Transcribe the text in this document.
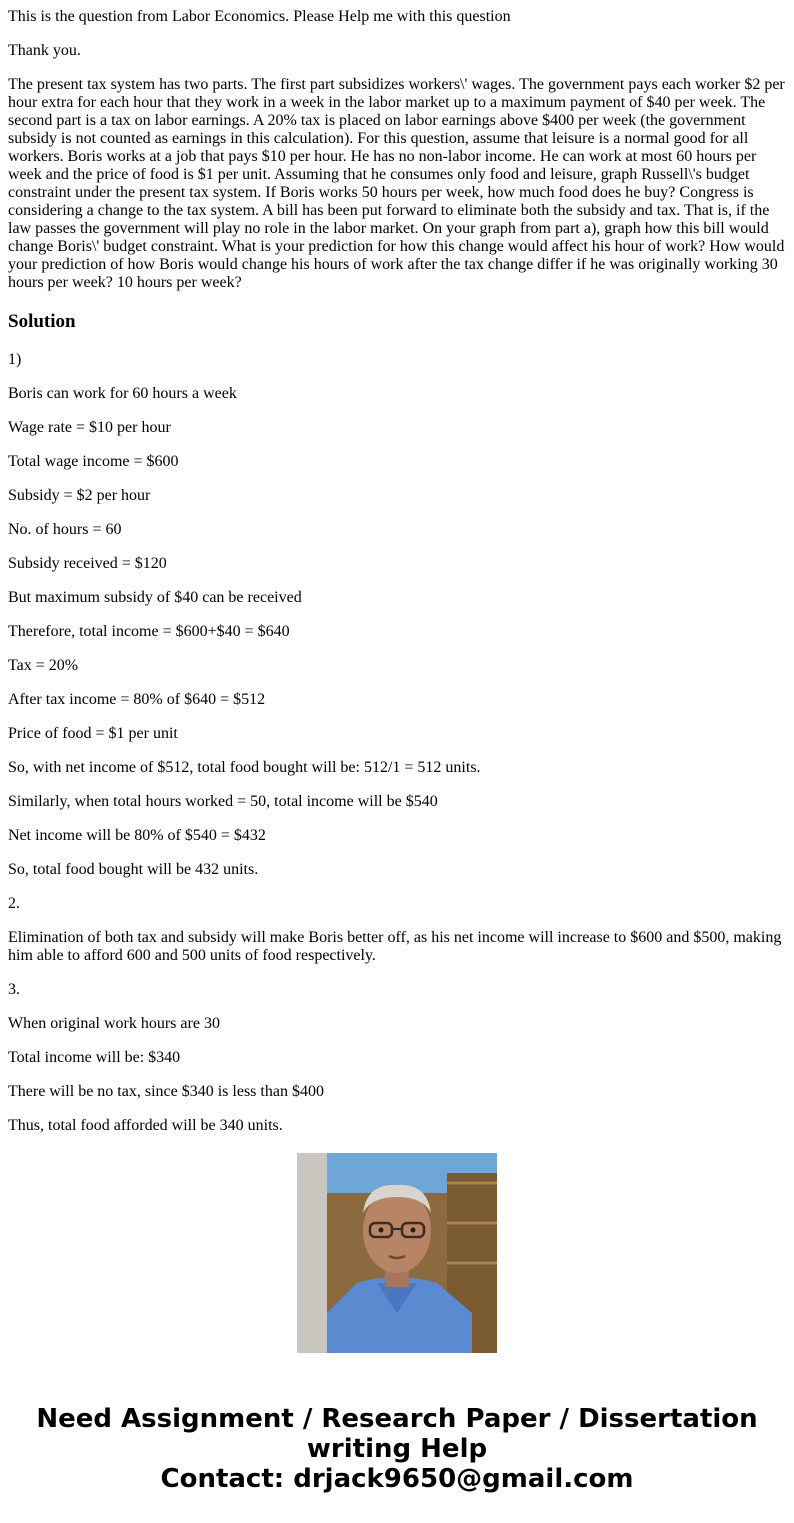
This is the question from Labor Economics. Please Help me with this question

Thank you.

The present tax system has two parts. The first part subsidizes workers\' wages. The government pays each worker $2 per hour extra for each hour that they work in a week in the labor market up to a maximum payment of $40 per week. The second part is a tax on labor earnings. A 20% tax is placed on labor earnings above $400 per week (the government subsidy is not counted as earnings in this calculation). For this question, assume that leisure is a normal good for all workers. Boris works at a job that pays $10 per hour. He has no non-labor income. He can work at most 60 hours per week and the price of food is $1 per unit. Assuming that he consumes only food and leisure, graph Russell\'s budget constraint under the present tax system. If Boris works 50 hours per week, how much food does he buy? Congress is considering a change to the tax system. A bill has been put forward to eliminate both the subsidy and tax. That is, if the law passes the government will play no role in the labor market. On your graph from part a), graph how this bill would change Boris\' budget constraint. What is your prediction for how this change would affect his hour of work? How would your prediction of how Boris would change his hours of work after the tax change differ if he was originally working 30 hours per week? 10 hours per week?

Solution

1)

Boris can work for 60 hours a week

Wage rate = $10 per hour

Total wage income = $600

Subsidy = $2 per hour

No. of hours = 60

Subsidy received = $120

But maximum subsidy of $40 can be received

Therefore, total income = $600+$40 = $640

Tax = 20%

After tax income = 80% of $640 = $512

Price of food = $1 per unit

So, with net income of $512, total food bought will be: 512/1 = 512 units.

Similarly, when total hours worked = 50, total income will be $540

Net income will be 80% of $540 = $432

So, total food bought will be 432 units.

2.

Elimination of both tax and subsidy will make Boris better off, as his net income will increase to $600 and $500, making him able to afford 600 and 500 units of food respectively.

3.

When original work hours are 30

Total income will be: $340

There will be no tax, since $340 is less than $400

Thus, total food afforded will be 340 units.

Need Assignment / Research Paper / Dissertation
writing Help
Contact: drjack9650@gmail.com
